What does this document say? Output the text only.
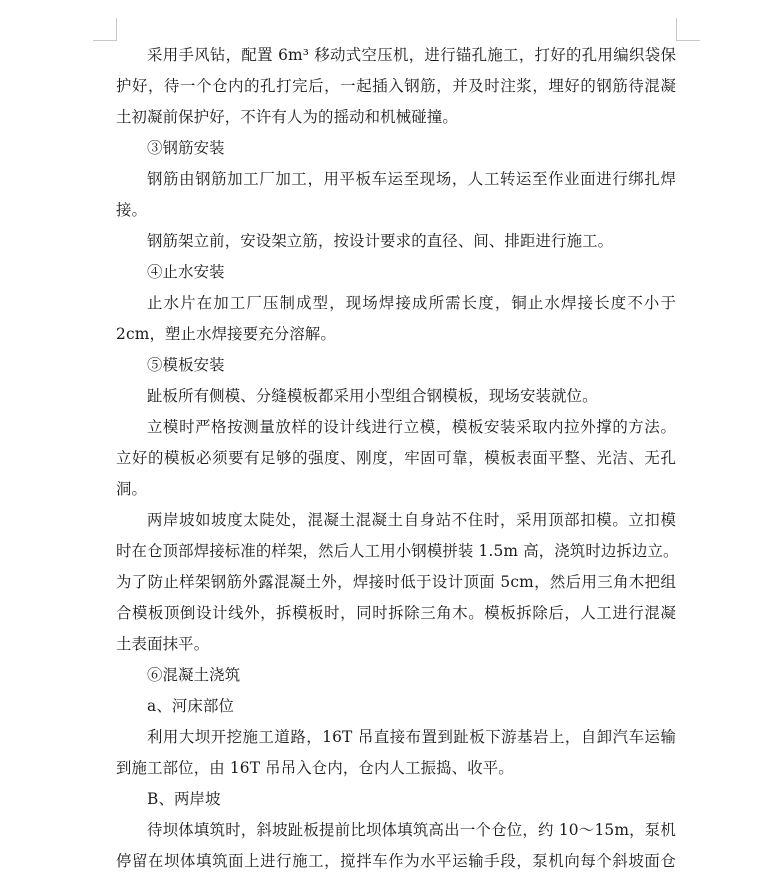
采用手风钻，配置 6m³ 移动式空压机，进行锚孔施工，打好的孔用编织袋保
护好，待一个仓内的孔打完后，一起插入钢筋，并及时注浆，埋好的钢筋待混凝
土初凝前保护好，不许有人为的摇动和机械碰撞。
③钢筋安装
钢筋由钢筋加工厂加工，用平板车运至现场，人工转运至作业面进行绑扎焊
接。
钢筋架立前，安设架立筋，按设计要求的直径、间、排距进行施工。
④止水安装
止水片在加工厂压制成型，现场焊接成所需长度，铜止水焊接长度不小于
2cm，塑止水焊接要充分溶解。
⑤模板安装
趾板所有侧模、分缝模板都采用小型组合钢模板，现场安装就位。
立模时严格按测量放样的设计线进行立模，模板安装采取内拉外撑的方法。
立好的模板必须要有足够的强度、刚度，牢固可靠，模板表面平整、光洁、无孔
洞。
两岸坡如坡度太陡处，混凝土混凝土自身站不住时，采用顶部扣模。立扣模
时在仓顶部焊接标准的样架，然后人工用小钢模拼装 1.5m 高，浇筑时边拆边立。
为了防止样架钢筋外露混凝土外，焊接时低于设计顶面 5cm，然后用三角木把组
合模板顶倒设计线外，拆模板时，同时拆除三角木。模板拆除后，人工进行混凝
土表面抹平。
⑥混凝土浇筑
a、河床部位
利用大坝开挖施工道路，16T 吊直接布置到趾板下游基岩上，自卸汽车运输
到施工部位，由 16T 吊吊入仓内，仓内人工振捣、收平。
B、两岸坡
待坝体填筑时，斜坡趾板提前比坝体填筑高出一个仓位，约 10～15m，泵机
停留在坝体填筑面上进行施工，搅拌车作为水平运输手段，泵机向每个斜坡面仓
